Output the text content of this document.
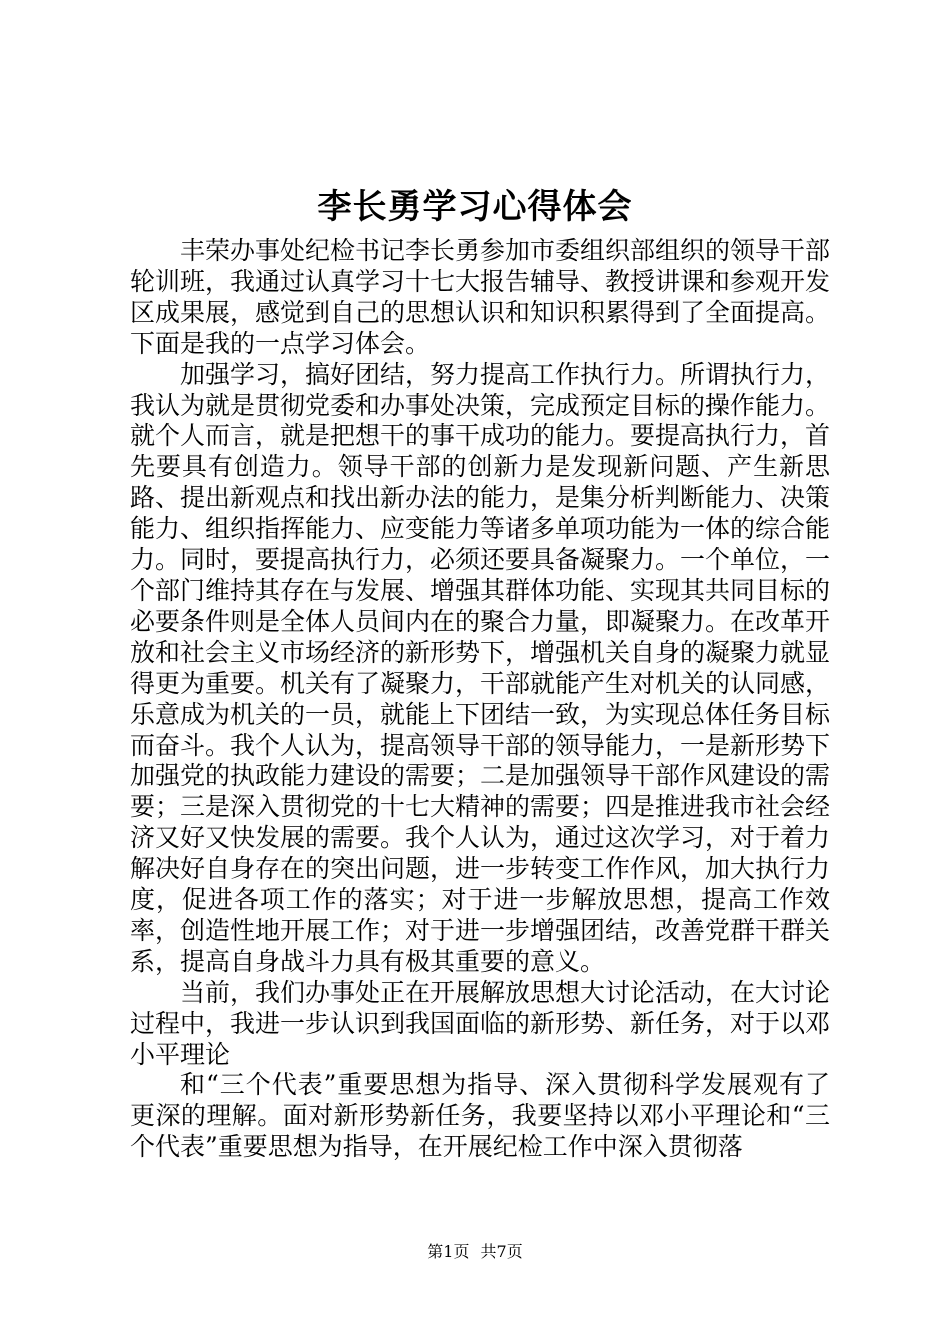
李长勇学习心得体会

丰荣办事处纪检书记李长勇参加市委组织部组织的领导干部轮训班，我通过认真学习十七大报告辅导、教授讲课和参观开发区成果展，感觉到自己的思想认识和知识积累得到了全面提高。下面是我的一点学习体会。

加强学习，搞好团结，努力提高工作执行力。所谓执行力，我认为就是贯彻党委和办事处决策，完成预定目标的操作能力。就个人而言，就是把想干的事干成功的能力。要提高执行力，首先要具有创造力。领导干部的创新力是发现新问题、产生新思路、提出新观点和找出新办法的能力，是集分析判断能力、决策能力、组织指挥能力、应变能力等诸多单项功能为一体的综合能力。同时，要提高执行力，必须还要具备凝聚力。一个单位，一个部门维持其存在与发展、增强其群体功能、实现其共同目标的必要条件则是全体人员间内在的聚合力量，即凝聚力。在改革开放和社会主义市场经济的新形势下，增强机关自身的凝聚力就显得更为重要。机关有了凝聚力，干部就能产生对机关的认同感，乐意成为机关的一员，就能上下团结一致，为实现总体任务目标而奋斗。我个人认为，提高领导干部的领导能力，一是新形势下加强党的执政能力建设的需要；二是加强领导干部作风建设的需要；三是深入贯彻党的十七大精神的需要；四是推进我市社会经济又好又快发展的需要。我个人认为，通过这次学习，对于着力解决好自身存在的突出问题，进一步转变工作作风，加大执行力度，促进各项工作的落实；对于进一步解放思想，提高工作效率，创造性地开展工作；对于进一步增强团结，改善党群干群关系，提高自身战斗力具有极其重要的意义。

当前，我们办事处正在开展解放思想大讨论活动，在大讨论过程中，我进一步认识到我国面临的新形势、新任务，对于以邓小平理论

和“三个代表”重要思想为指导、深入贯彻科学发展观有了更深的理解。面对新形势新任务，我要坚持以邓小平理论和“三个代表”重要思想为指导，在开展纪检工作中深入贯彻落

第1页 共7页
